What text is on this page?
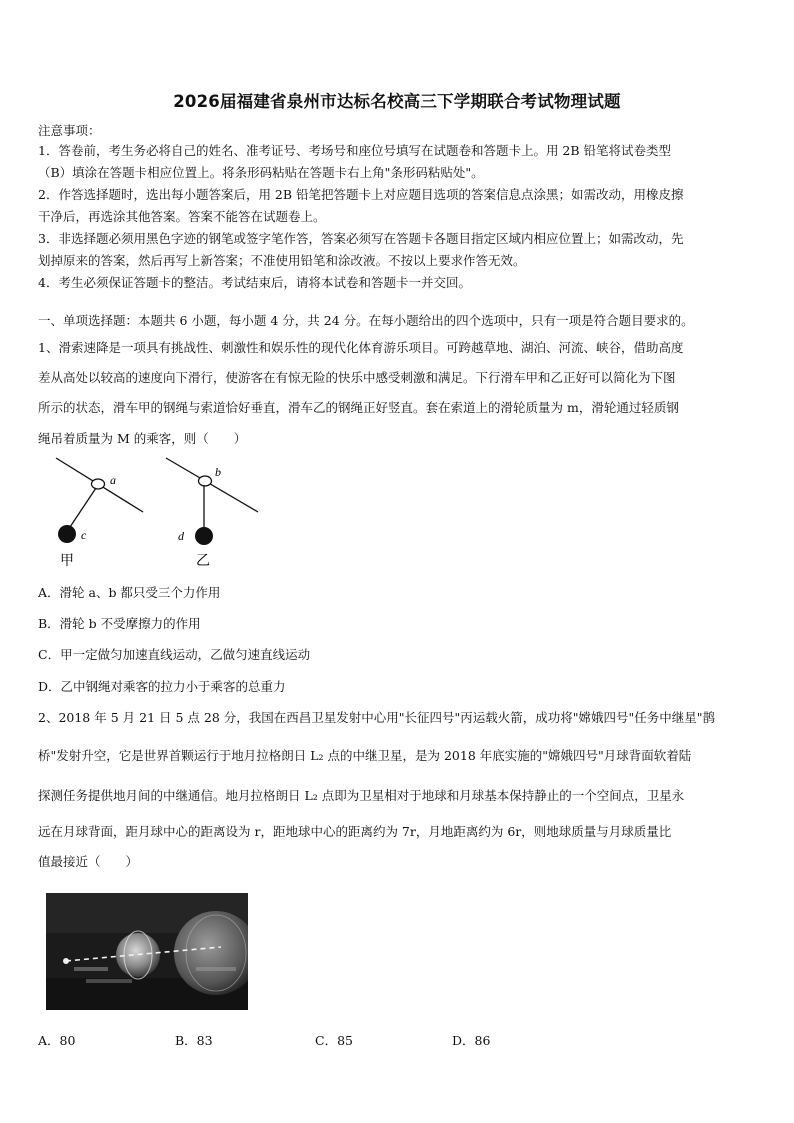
2026届福建省泉州市达标名校高三下学期联合考试物理试题
注意事项：
1．答卷前，考生务必将自己的姓名、准考证号、考场号和座位号填写在试题卷和答题卡上。用 2B 铅笔将试卷类型
（B）填涂在答题卡相应位置上。将条形码粘贴在答题卡右上角"条形码粘贴处"。
2．作答选择题时，选出每小题答案后，用 2B 铅笔把答题卡上对应题目选项的答案信息点涂黑；如需改动，用橡皮擦
干净后，再选涂其他答案。答案不能答在试题卷上。
3．非选择题必须用黑色字迹的钢笔或签字笔作答，答案必须写在答题卡各题目指定区域内相应位置上；如需改动，先
划掉原来的答案，然后再写上新答案；不准使用铅笔和涂改液。不按以上要求作答无效。
4．考生必须保证答题卡的整洁。考试结束后，请将本试卷和答题卡一并交回。
一、单项选择题：本题共 6 小题，每小题 4 分，共 24 分。在每小题给出的四个选项中，只有一项是符合题目要求的。
1、滑索速降是一项具有挑战性、刺激性和娱乐性的现代化体育游乐项目。可跨越草地、湖泊、河流、峡谷，借助高度
差从高处以较高的速度向下滑行，使游客在有惊无险的快乐中感受刺激和满足。下行滑车甲和乙正好可以简化为下图
所示的状态，滑车甲的钢绳与索道恰好垂直，滑车乙的钢绳正好竖直。套在索道上的滑轮质量为 m，滑轮通过轻质钢
绳吊着质量为 M 的乘客，则（　　）
a
c
甲
b
d
乙
A．滑轮 a、b 都只受三个力作用
B．滑轮 b 不受摩擦力的作用
C．甲一定做匀加速直线运动，乙做匀速直线运动
D．乙中钢绳对乘客的拉力小于乘客的总重力
2、2018 年 5 月 21 日 5 点 28 分，我国在西昌卫星发射中心用"长征四号"丙运载火箭，成功将"嫦娥四号"任务中继星"鹊
桥"发射升空，它是世界首颗运行于地月拉格朗日 L₂ 点的中继卫星，是为 2018 年底实施的"嫦娥四号"月球背面软着陆
探测任务提供地月间的中继通信。地月拉格朗日 L₂ 点即为卫星相对于地球和月球基本保持静止的一个空间点，卫星永
远在月球背面，距月球中心的距离设为 r，距地球中心的距离约为 7r，月地距离约为 6r，则地球质量与月球质量比
值最接近（　　）
A．80	B．83	C．85	D．86
